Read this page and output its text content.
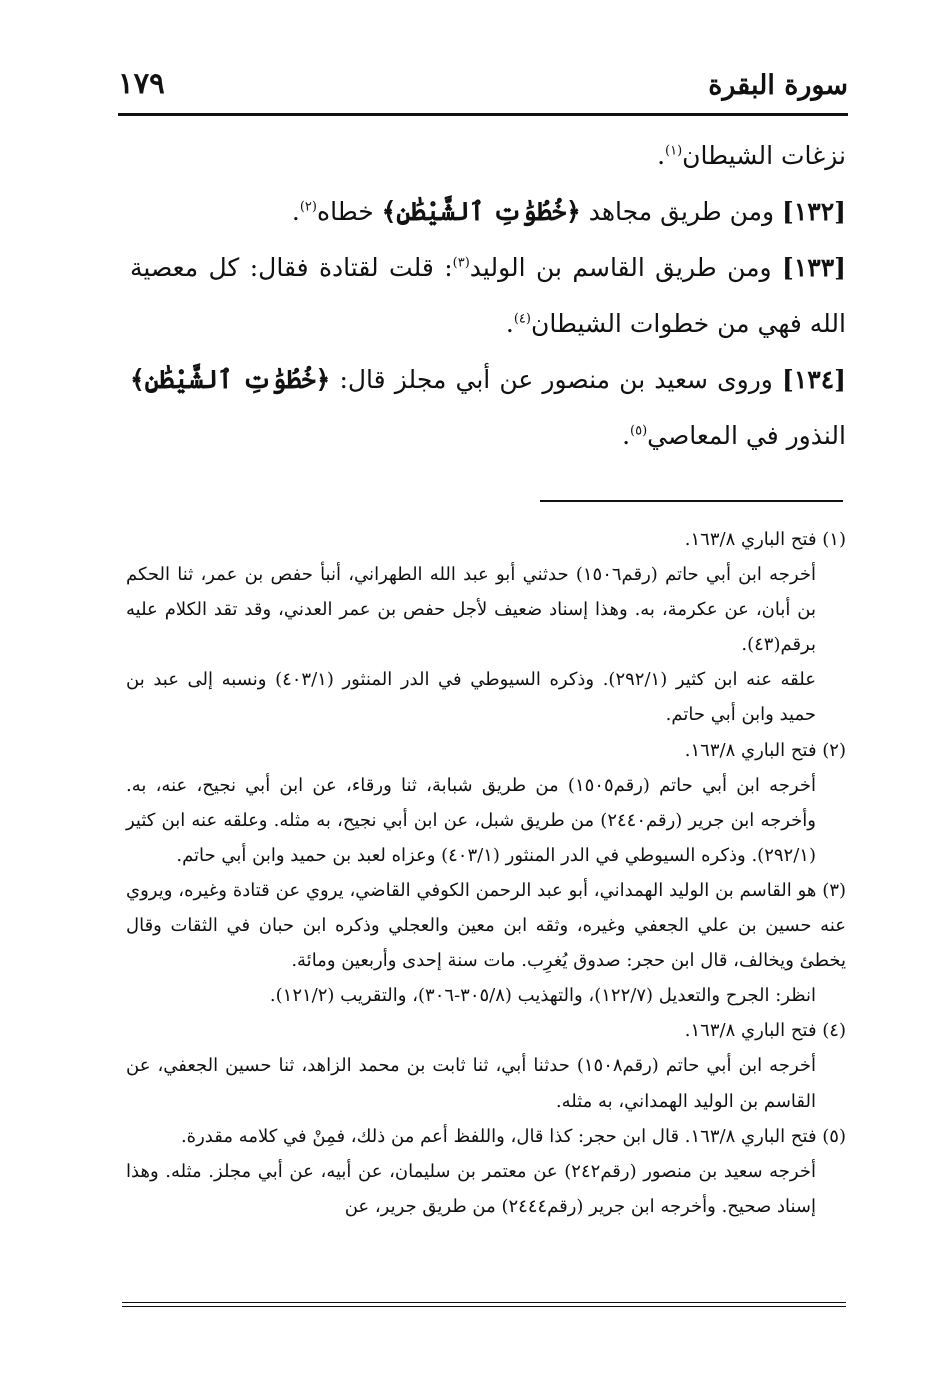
سورة البقرة
١٧٩

نزغات الشيطان$^{(١)}$.

[١٣٢] ومن طريق مجاهد ﴿خُطُوَٰتِ ٱلشَّيْطَٰنِ﴾ خطاه$^{(٢)}$.

[١٣٣] ومن طريق القاسم بن الوليد$^{(٣)}$: قلت لقتادة فقال: كل معصية الله فهي من خطوات الشيطان$^{(٤)}$.

[١٣٤] وروى سعيد بن منصور عن أبي مجلز قال: ﴿خُطُوَٰتِ ٱلشَّيْطَٰنِ﴾ النذور في المعاصي$^{(٥)}$.

(١) فتح الباري ١٦٣/٨.

أخرجه ابن أبي حاتم (رقم١٥٠٦) حدثني أبو عبد الله الطهراني، أنبأ حفص بن عمر، ثنا الحكم بن أبان، عن عكرمة، به. وهذا إسناد ضعيف لأجل حفص بن عمر العدني، وقد تقد الكلام عليه برقم(٤٣).

علقه عنه ابن كثير (٢٩٢/١). وذكره السيوطي في الدر المنثور (٤٠٣/١) ونسبه إلى عبد بن حميد وابن أبي حاتم.

(٢) فتح الباري ١٦٣/٨.

أخرجه ابن أبي حاتم (رقم١٥٠٥) من طريق شبابة، ثنا ورقاء، عن ابن أبي نجيح، عنه، به. وأخرجه ابن جرير (رقم٢٤٤٠) من طريق شبل، عن ابن أبي نجيح، به مثله. وعلقه عنه ابن كثير (٢٩٢/١). وذكره السيوطي في الدر المنثور (٤٠٣/١) وعزاه لعبد بن حميد وابن أبي حاتم.

(٣) هو القاسم بن الوليد الهمداني، أبو عبد الرحمن الكوفي القاضي، يروي عن قتادة وغيره، ويروي عنه حسين بن علي الجعفي وغيره، وثقه ابن معين والعجلي وذكره ابن حبان في الثقات وقال يخطئ ويخالف، قال ابن حجر: صدوق يُغرِب. مات سنة إحدى وأربعين ومائة.

انظر: الجرح والتعديل (١٢٢/٧)، والتهذيب (٣٠٥/٨-٣٠٦)، والتقريب (١٢١/٢).

(٤) فتح الباري ١٦٣/٨.

أخرجه ابن أبي حاتم (رقم١٥٠٨) حدثنا أبي، ثنا ثابت بن محمد الزاهد، ثنا حسين الجعفي، عن القاسم بن الوليد الهمداني، به مثله.

(٥) فتح الباري ١٦٣/٨. قال ابن حجر: كذا قال، واللفظ أعم من ذلك، فمِنْ في كلامه مقدرة.

أخرجه سعيد بن منصور (رقم٢٤٢) عن معتمر بن سليمان، عن أبيه، عن أبي مجلز. مثله. وهذا إسناد صحيح. وأخرجه ابن جرير (رقم٢٤٤٤) من طريق جرير، عن
